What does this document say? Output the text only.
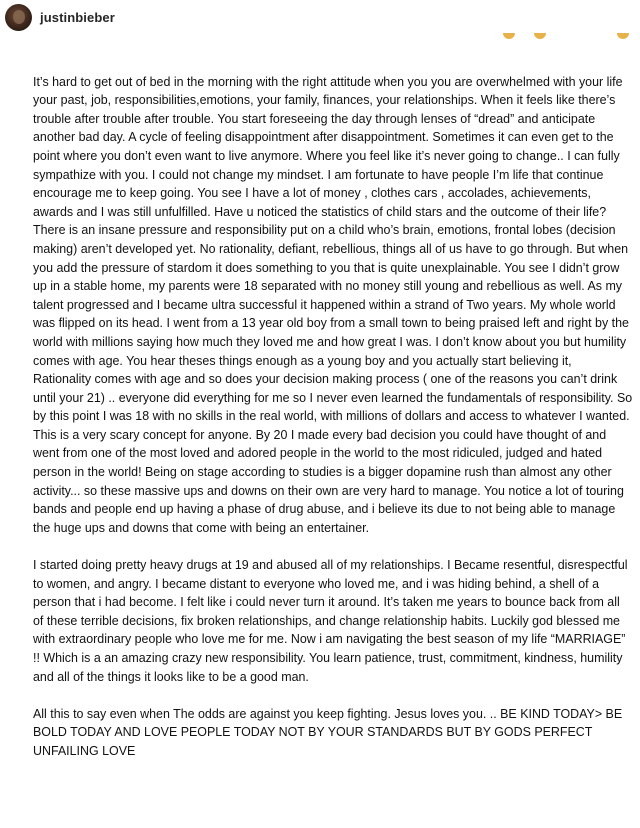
justinbieber

It’s hard to get out of bed in the morning with the right attitude when you you are overwhelmed with your life your past, job, responsibilities,emotions, your family, finances, your relationships. When it feels like there’s trouble after trouble after trouble. You start foreseeing the day through lenses of “dread” and anticipate another bad day. A cycle of feeling disappointment after disappointment. Sometimes it can even get to the point where you don’t even want to live anymore. Where you feel like it’s never going to change.. I can fully sympathize with you. I could not change my mindset. I am fortunate to have people I’m life that continue encourage me to keep going. You see I have a lot of money , clothes cars , accolades, achievements, awards and I was still unfulfilled. Have u noticed the statistics of child stars and the outcome of their life? There is an insane pressure and responsibility put on a child who’s brain, emotions, frontal lobes (decision making) aren’t developed yet. No rationality, defiant, rebellious, things all of us have to go through. But when you add the pressure of stardom it does something to you that is quite unexplainable. You see I didn’t grow up in a stable home, my parents were 18 separated with no money still young and rebellious as well. As my talent progressed and I became ultra successful it happened within a strand of Two years. My whole world was flipped on its head. I went from a 13 year old boy from a small town to being praised left and right by the world with millions saying how much they loved me and how great I was. I don’t know about you but humility comes with age. You hear theses things enough as a young boy and you actually start believing it, Rationality comes with age and so does your decision making process ( one of the reasons you can’t drink until your 21) .. everyone did everything for me so I never even learned the fundamentals of responsibility. So by this point I was 18 with no skills in the real world, with millions of dollars and access to whatever I wanted. This is a very scary concept for anyone. By 20 I made every bad decision you could have thought of and went from one of the most loved and adored people in the world to the most ridiculed, judged and hated person in the world! Being on stage according to studies is a bigger dopamine rush than almost any other activity... so these massive ups and downs on their own are very hard to manage. You notice a lot of touring bands and people end up having a phase of drug abuse, and i believe its due to not being able to manage the huge ups and downs that come with being an entertainer.

I started doing pretty heavy drugs at 19 and abused all of my relationships. I Became resentful, disrespectful to women, and angry. I became distant to everyone who loved me, and i was hiding behind, a shell of a person that i had become. I felt like i could never turn it around. It’s taken me years to bounce back from all of these terrible decisions, fix broken relationships, and change relationship habits. Luckily god blessed me with extraordinary people who love me for me. Now i am navigating the best season of my life “MARRIAGE” !! Which is a an amazing crazy new responsibility. You learn patience, trust, commitment, kindness, humility and all of the things it looks like to be a good man.

All this to say even when The odds are against you keep fighting. Jesus loves you. .. BE KIND TODAY> BE BOLD TODAY AND LOVE PEOPLE TODAY NOT BY YOUR STANDARDS BUT BY GODS PERFECT UNFAILING LOVE
